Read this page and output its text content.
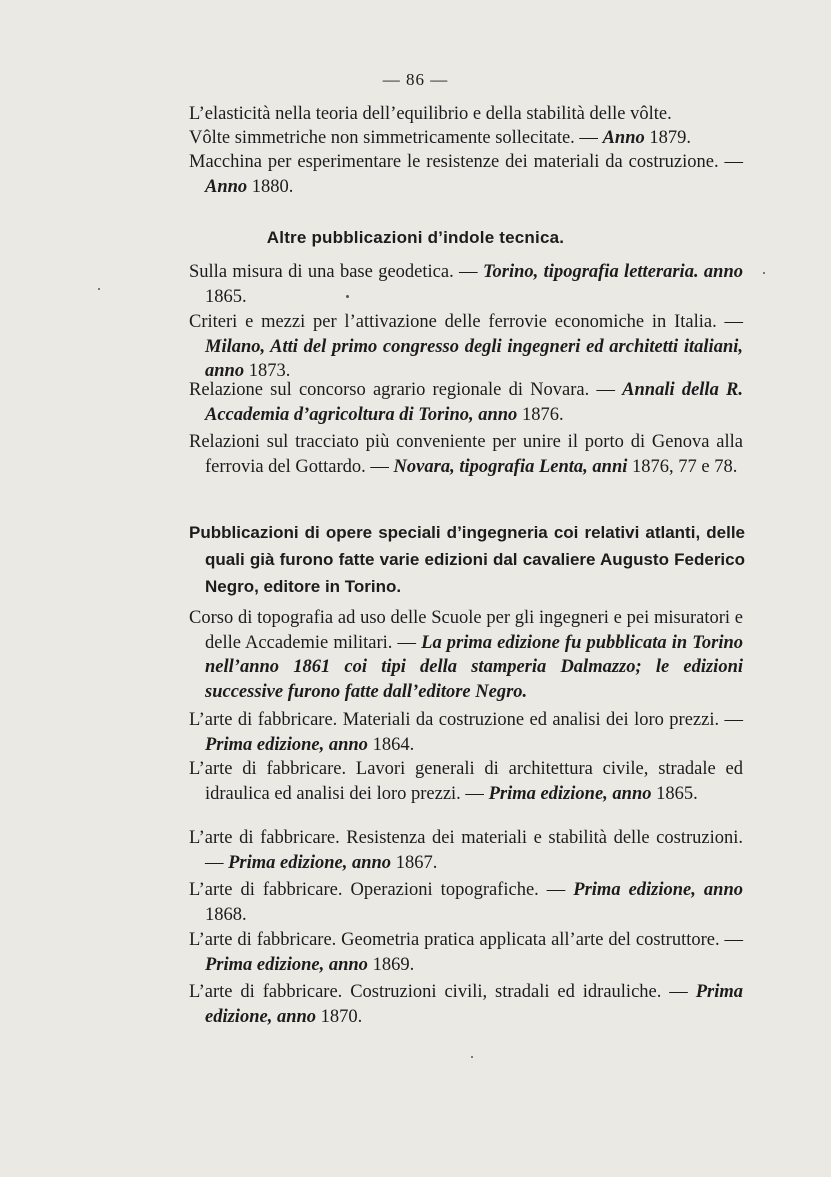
— 86 —

L’elasticità nella teoria dell’equilibrio e della stabilità delle vôlte.

Vôlte simmetriche non simmetricamente sollecitate. — Anno 1879.

Macchina per esperimentare le resistenze dei materiali da costruzione. — Anno 1880.

Altre pubblicazioni d’indole tecnica.

Sulla misura di una base geodetica. — Torino, tipografia letteraria. anno 1865.

Criteri e mezzi per l’attivazione delle ferrovie economiche in Italia. — Milano, Atti del primo congresso degli ingegneri ed architetti italiani, anno 1873.

Relazione sul concorso agrario regionale di Novara. — Annali della R. Accademia d’agricoltura di Torino, anno 1876.

Relazioni sul tracciato più conveniente per unire il porto di Genova alla ferrovia del Gottardo. — Novara, tipografia Lenta, anni 1876, 77 e 78.

Pubblicazioni di opere speciali d’ingegneria coi relativi atlanti, delle quali già furono fatte varie edizioni dal cavaliere Augusto Federico Negro, editore in Torino.

Corso di topografia ad uso delle Scuole per gli ingegneri e pei misuratori e delle Accademie militari. — La prima edizione fu pubblicata in Torino nell’anno 1861 coi tipi della stamperia Dalmazzo; le edizioni successive furono fatte dall’editore Negro.

L’arte di fabbricare. Materiali da costruzione ed analisi dei loro prezzi. — Prima edizione, anno 1864.

L’arte di fabbricare. Lavori generali di architettura civile, stradale ed idraulica ed analisi dei loro prezzi. — Prima edizione, anno 1865.

L’arte di fabbricare. Resistenza dei materiali e stabilità delle costruzioni. — Prima edizione, anno 1867.

L’arte di fabbricare. Operazioni topografiche. — Prima edizione, anno 1868.

L’arte di fabbricare. Geometria pratica applicata all’arte del costruttore. — Prima edizione, anno 1869.

L’arte di fabbricare. Costruzioni civili, stradali ed idrauliche. — Prima edizione, anno 1870.
